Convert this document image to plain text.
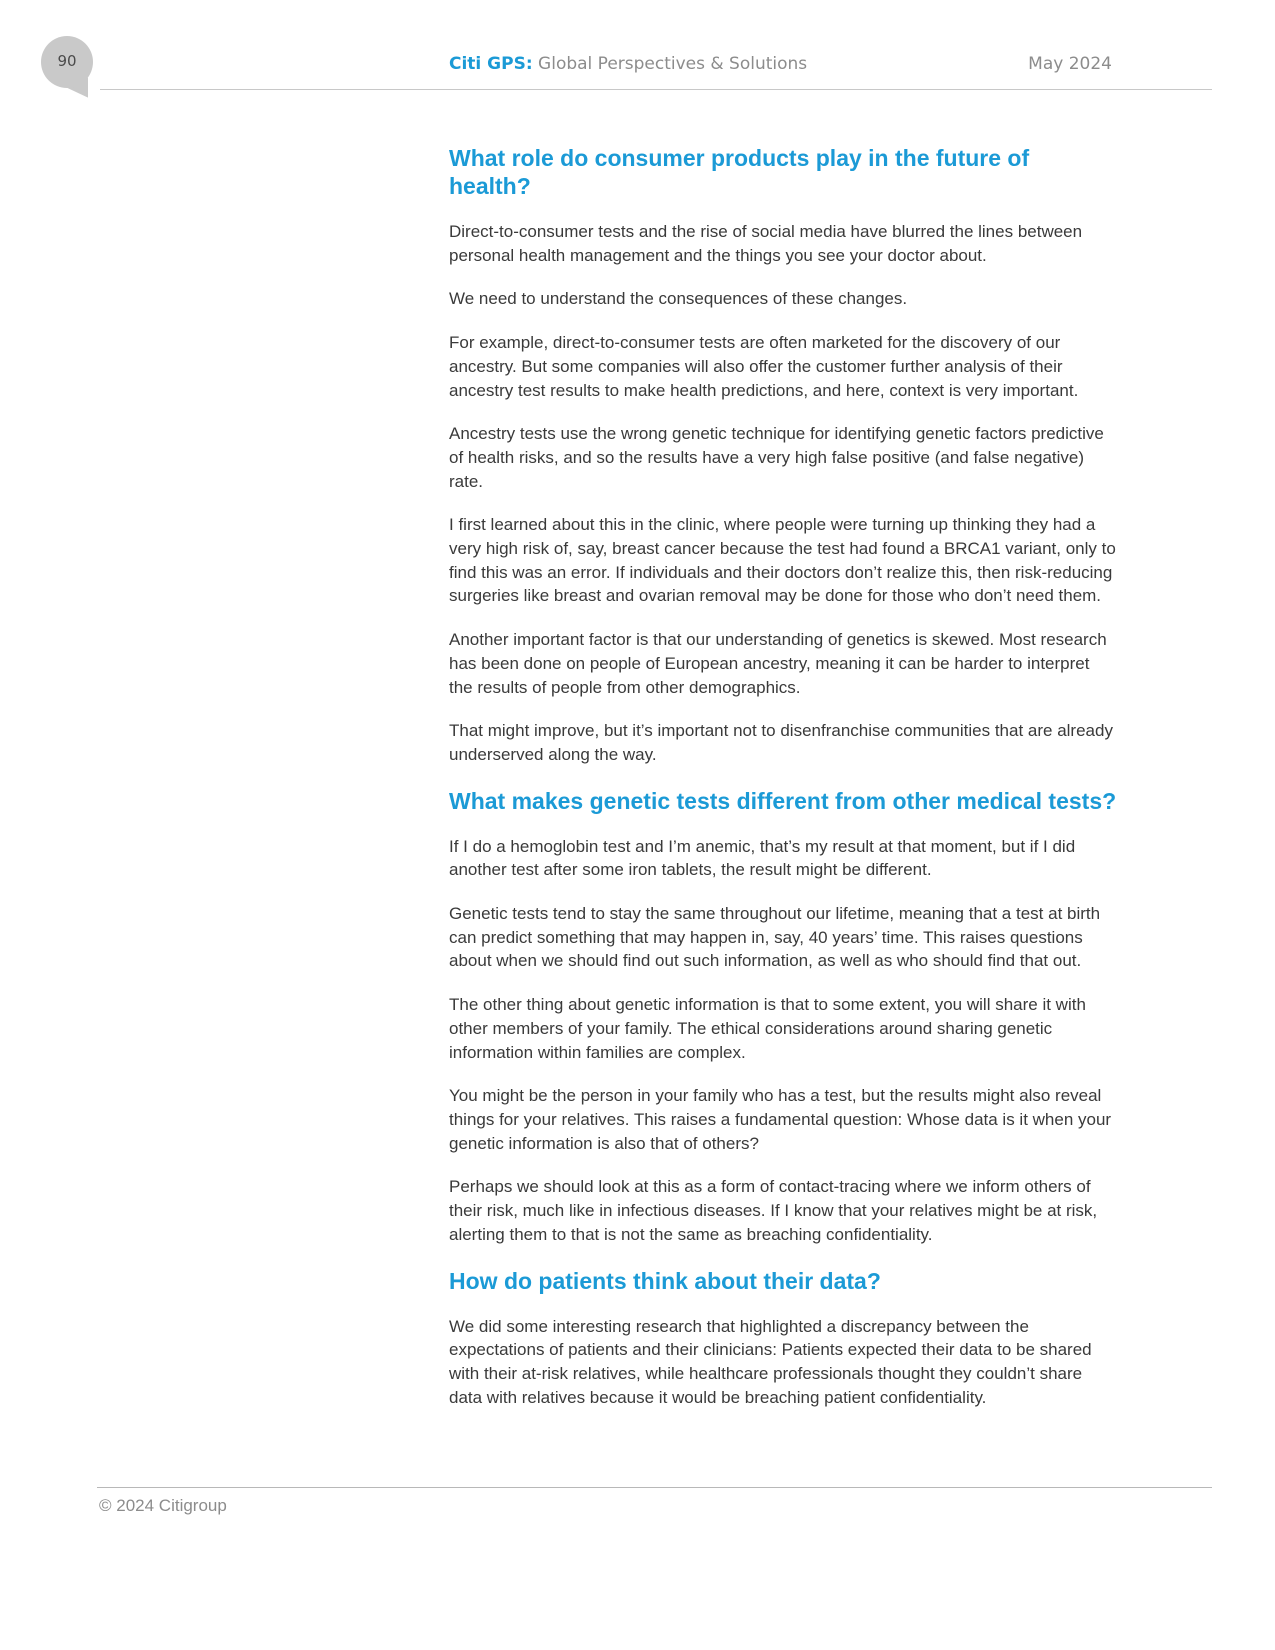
90	Citi GPS: Global Perspectives & Solutions	May 2024
What role do consumer products play in the future of health?

Direct-to-consumer tests and the rise of social media have blurred the lines between personal health management and the things you see your doctor about.

We need to understand the consequences of these changes.

For example, direct-to-consumer tests are often marketed for the discovery of our ancestry. But some companies will also offer the customer further analysis of their ancestry test results to make health predictions, and here, context is very important.

Ancestry tests use the wrong genetic technique for identifying genetic factors predictive of health risks, and so the results have a very high false positive (and false negative) rate.

I first learned about this in the clinic, where people were turning up thinking they had a very high risk of, say, breast cancer because the test had found a BRCA1 variant, only to find this was an error. If individuals and their doctors don’t realize this, then risk-reducing surgeries like breast and ovarian removal may be done for those who don’t need them.

Another important factor is that our understanding of genetics is skewed. Most research has been done on people of European ancestry, meaning it can be harder to interpret the results of people from other demographics.

That might improve, but it’s important not to disenfranchise communities that are already underserved along the way.

What makes genetic tests different from other medical tests?

If I do a hemoglobin test and I’m anemic, that’s my result at that moment, but if I did another test after some iron tablets, the result might be different.

Genetic tests tend to stay the same throughout our lifetime, meaning that a test at birth can predict something that may happen in, say, 40 years’ time. This raises questions about when we should find out such information, as well as who should find that out.

The other thing about genetic information is that to some extent, you will share it with other members of your family. The ethical considerations around sharing genetic information within families are complex.

You might be the person in your family who has a test, but the results might also reveal things for your relatives. This raises a fundamental question: Whose data is it when your genetic information is also that of others?

Perhaps we should look at this as a form of contact-tracing where we inform others of their risk, much like in infectious diseases. If I know that your relatives might be at risk, alerting them to that is not the same as breaching confidentiality.

How do patients think about their data?

We did some interesting research that highlighted a discrepancy between the expectations of patients and their clinicians: Patients expected their data to be shared with their at-risk relatives, while healthcare professionals thought they couldn’t share data with relatives because it would be breaching patient confidentiality.

© 2024 Citigroup
